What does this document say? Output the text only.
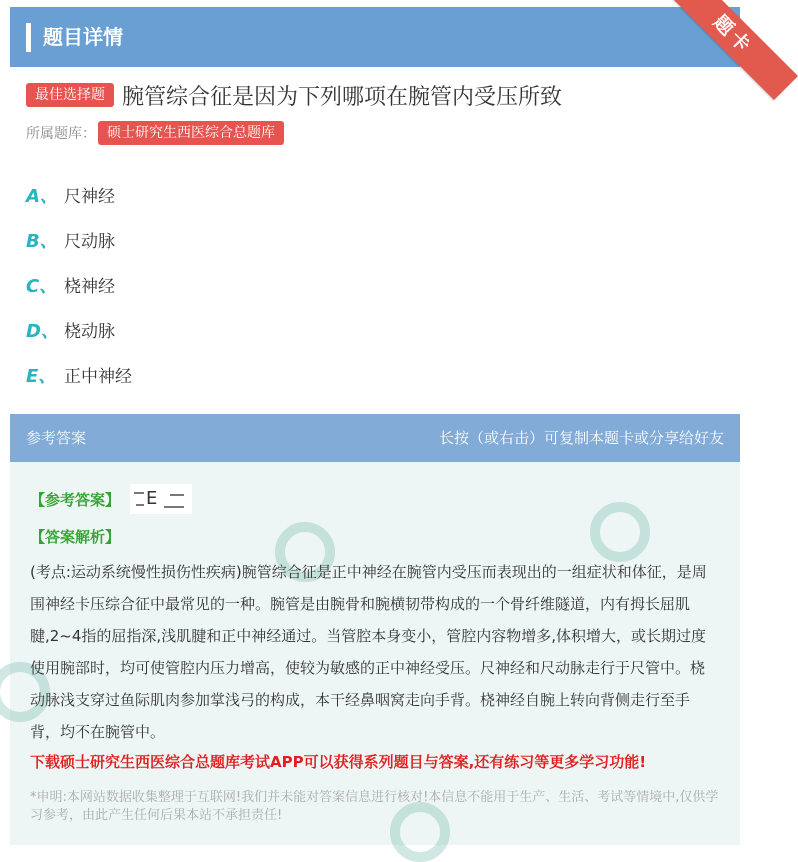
题目详情	题卡
最佳选择题 腕管综合征是因为下列哪项在腕管内受压所致
所属题库： 硕士研究生西医综合总题库
A、 尺神经
B、 尺动脉
C、 桡神经
D、 桡动脉
E、 正中神经
参考答案	长按（或右击）可复制本题卡或分享给好友
【参考答案】 E
【答案解析】
(考点:运动系统慢性损伤性疾病)腕管综合征是正中神经在腕管内受压而表现出的一组症状和体征，是周围神经卡压综合征中最常见的一种。腕管是由腕骨和腕横韧带构成的一个骨纤维隧道，内有拇长屈肌腱,2~4指的屈指深,浅肌腱和正中神经通过。当管腔本身变小，管腔内容物增多,体积增大，或长期过度使用腕部时，均可使管腔内压力增高，使较为敏感的正中神经受压。尺神经和尺动脉走行于尺管中。桡动脉浅支穿过鱼际肌肉参加掌浅弓的构成，本干经鼻咽窝走向手背。桡神经自腕上转向背侧走行至手背，均不在腕管中。
下载硕士研究生西医综合总题库考试APP可以获得系列题目与答案,还有练习等更多学习功能!
*申明:本网站数据收集整理于互联网!我们并未能对答案信息进行核对!本信息不能用于生产、生活、考试等情境中,仅供学习参考，由此产生任何后果本站不承担责任!
